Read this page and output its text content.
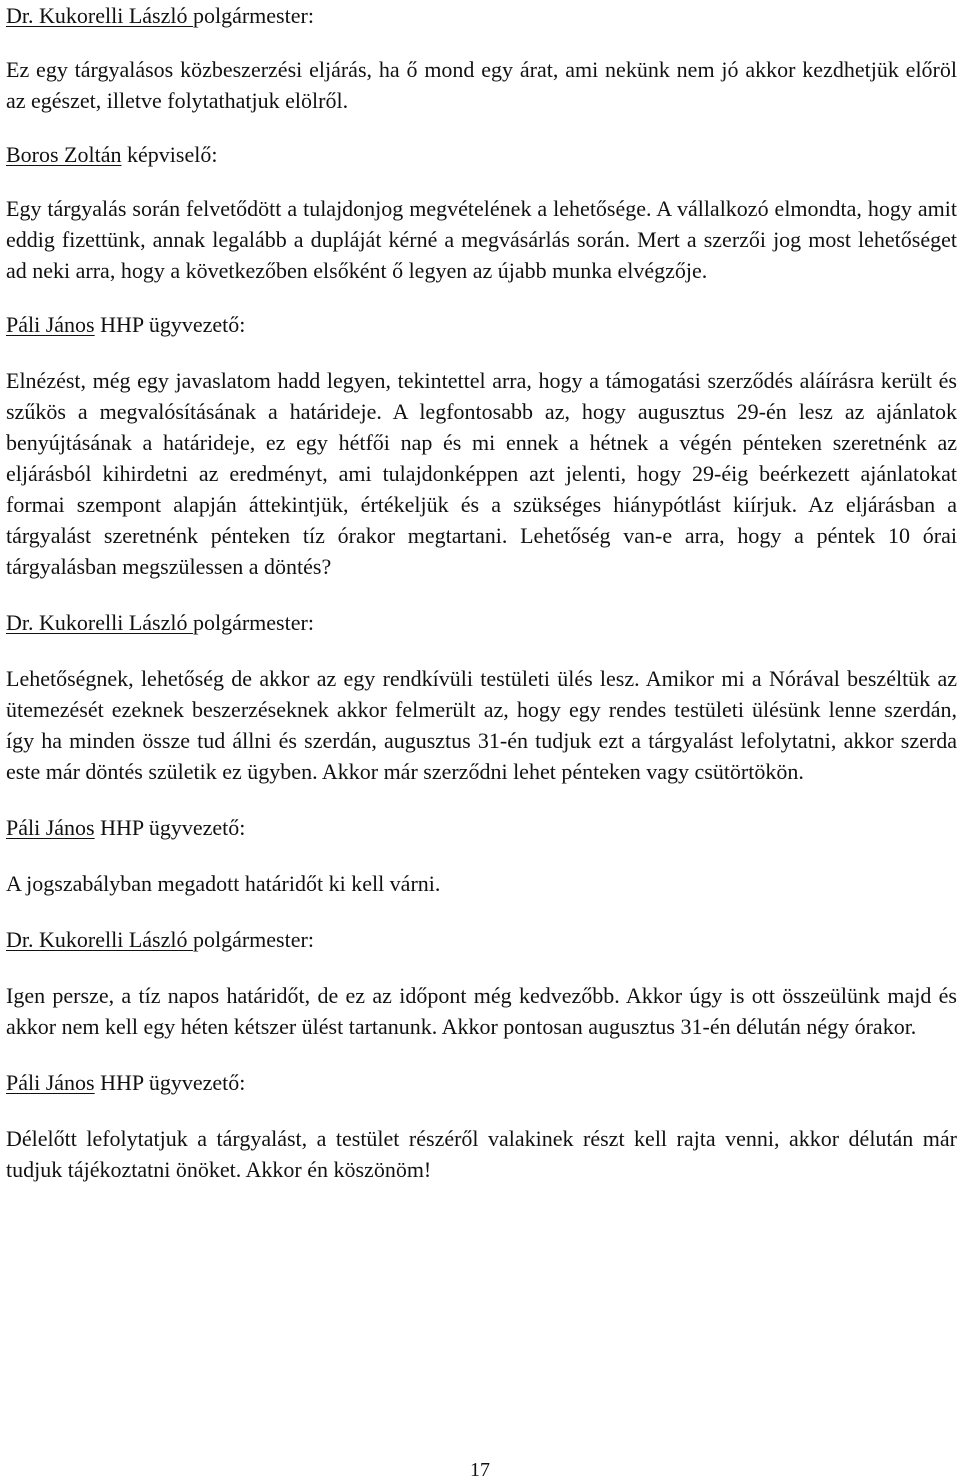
Dr. Kukorelli László polgármester:

Ez egy tárgyalásos közbeszerzési eljárás, ha ő mond egy árat, ami nekünk nem jó akkor kezdhetjük előröl az egészet, illetve folytathatjuk elölről.

Boros Zoltán képviselő:

Egy tárgyalás során felvetődött a tulajdonjog megvételének a lehetősége. A vállalkozó elmondta, hogy amit eddig fizettünk, annak legalább a dupláját kérné a megvásárlás során. Mert a szerzői jog most lehetőséget ad neki arra, hogy a következőben elsőként ő legyen az újabb munka elvégzője.

Páli János HHP ügyvezető:

Elnézést, még egy javaslatom hadd legyen, tekintettel arra, hogy a támogatási szerződés aláírásra került és szűkös a megvalósításának a határideje. A legfontosabb az, hogy augusztus 29-én lesz az ajánlatok benyújtásának a határideje, ez egy hétfői nap és mi ennek a hétnek a végén pénteken szeretnénk az eljárásból kihirdetni az eredményt, ami tulajdonképpen azt jelenti, hogy 29-éig beérkezett ajánlatokat formai szempont alapján áttekintjük, értékeljük és a szükséges hiánypótlást kiírjuk. Az eljárásban a tárgyalást szeretnénk pénteken tíz órakor megtartani. Lehetőség van-e arra, hogy a péntek 10 órai tárgyalásban megszülessen a döntés?

Dr. Kukorelli László polgármester:

Lehetőségnek, lehetőség de akkor az egy rendkívüli testületi ülés lesz. Amikor mi a Nórával beszéltük az ütemezését ezeknek beszerzéseknek akkor felmerült az, hogy egy rendes testületi ülésünk lenne szerdán, így ha minden össze tud állni és szerdán, augusztus 31-én tudjuk ezt a tárgyalást lefolytatni, akkor szerda este már döntés születik ez ügyben. Akkor már szerződni lehet pénteken vagy csütörtökön.

Páli János HHP ügyvezető:

A jogszabályban megadott határidőt ki kell várni.

Dr. Kukorelli László polgármester:

Igen persze, a tíz napos határidőt, de ez az időpont még kedvezőbb. Akkor úgy is ott összeülünk majd és akkor nem kell egy héten kétszer ülést tartanunk. Akkor pontosan augusztus 31-én délután négy órakor.

Páli János HHP ügyvezető:

Délelőtt lefolytatjuk a tárgyalást, a testület részéről valakinek részt kell rajta venni, akkor délután már tudjuk tájékoztatni önöket. Akkor én köszönöm!

17
